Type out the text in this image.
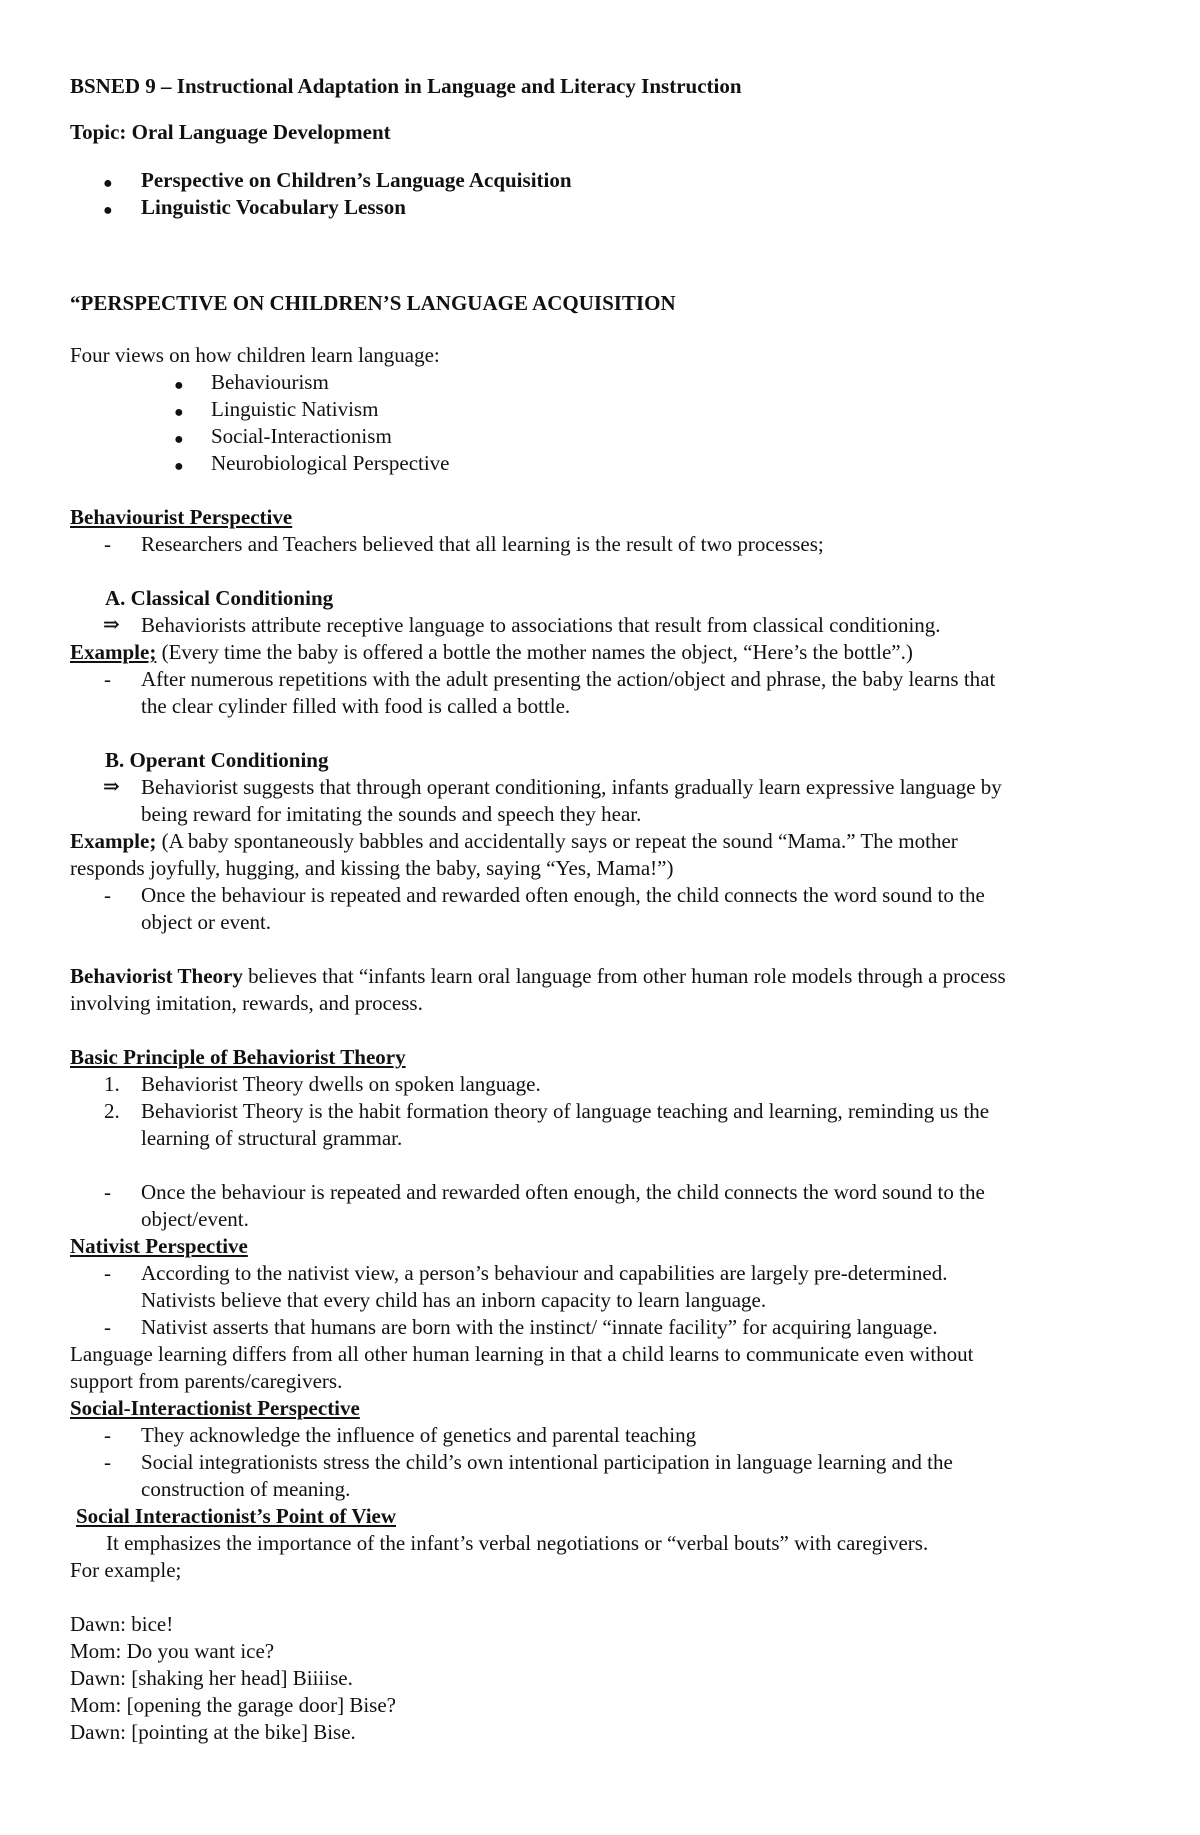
BSNED 9 – Instructional Adaptation in Language and Literacy Instruction
Topic: Oral Language Development
● Perspective on Children’s Language Acquisition
● Linguistic Vocabulary Lesson
“PERSPECTIVE ON CHILDREN’S LANGUAGE ACQUISITION
Four views on how children learn language:
● Behaviourism
● Linguistic Nativism
● Social-Interactionism
● Neurobiological Perspective
Behaviourist Perspective
- Researchers and Teachers believed that all learning is the result of two processes;
A. Classical Conditioning
⇒ Behaviorists attribute receptive language to associations that result from classical conditioning.
Example; (Every time the baby is offered a bottle the mother names the object, “Here’s the bottle”.)
- After numerous repetitions with the adult presenting the action/object and phrase, the baby learns that
the clear cylinder filled with food is called a bottle.
B. Operant Conditioning
⇒ Behaviorist suggests that through operant conditioning, infants gradually learn expressive language by
being reward for imitating the sounds and speech they hear.
Example; (A baby spontaneously babbles and accidentally says or repeat the sound “Mama.” The mother
responds joyfully, hugging, and kissing the baby, saying “Yes, Mama!”)
- Once the behaviour is repeated and rewarded often enough, the child connects the word sound to the
object or event.
Behaviorist Theory believes that “infants learn oral language from other human role models through a process
involving imitation, rewards, and process.
Basic Principle of Behaviorist Theory
1. Behaviorist Theory dwells on spoken language.
2. Behaviorist Theory is the habit formation theory of language teaching and learning, reminding us the
learning of structural grammar.
- Once the behaviour is repeated and rewarded often enough, the child connects the word sound to the
object/event.
Nativist Perspective
- According to the nativist view, a person’s behaviour and capabilities are largely pre-determined.
Nativists believe that every child has an inborn capacity to learn language.
- Nativist asserts that humans are born with the instinct/ “innate facility” for acquiring language.
Language learning differs from all other human learning in that a child learns to communicate even without
support from parents/caregivers.
Social-Interactionist Perspective
- They acknowledge the influence of genetics and parental teaching
- Social integrationists stress the child’s own intentional participation in language learning and the
construction of meaning.
Social Interactionist’s Point of View
It emphasizes the importance of the infant’s verbal negotiations or “verbal bouts” with caregivers.
For example;
Dawn: bice!
Mom: Do you want ice?
Dawn: [shaking her head] Biiiise.
Mom: [opening the garage door] Bise?
Dawn: [pointing at the bike] Bise.
